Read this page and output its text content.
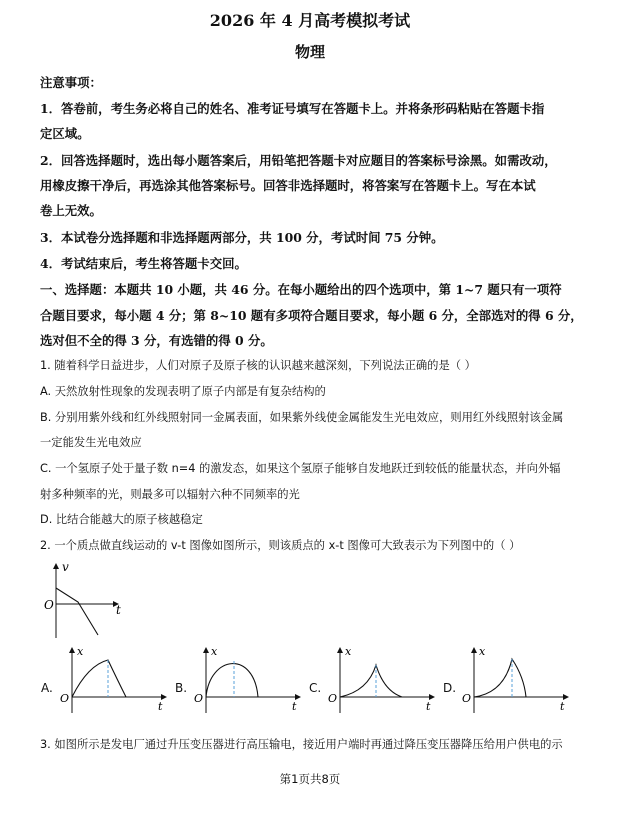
2026 年 4 月高考模拟考试
物理
注意事项：
1．答卷前，考生务必将自己的姓名、准考证号填写在答题卡上。并将条形码粘贴在答题卡指
定区域。
2．回答选择题时，选出每小题答案后，用铅笔把答题卡对应题目的答案标号涂黑。如需改动，
用橡皮擦干净后，再选涂其他答案标号。回答非选择题时，将答案写在答题卡上。写在本试
卷上无效。
3．本试卷分选择题和非选择题两部分，共 100 分，考试时间 75 分钟。
4．考试结束后，考生将答题卡交回。
一、选择题：本题共 10 小题，共 46 分。在每小题给出的四个选项中，第 1~7 题只有一项符
合题目要求，每小题 4 分；第 8~10 题有多项符合题目要求，每小题 6 分，全部选对的得 6 分，
选对但不全的得 3 分，有选错的得 0 分。
1. 随着科学日益进步，人们对原子及原子核的认识越来越深刻，下列说法正确的是（ ）
A. 天然放射性现象的发现表明了原子内部是有复杂结构的
B. 分别用紫外线和红外线照射同一金属表面，如果紫外线使金属能发生光电效应，则用红外线照射该金属
一定能发生光电效应
C. 一个氢原子处于量子数 n=4 的激发态，如果这个氢原子能够自发地跃迁到较低的能量状态，并向外辐
射多种频率的光，则最多可以辐射六种不同频率的光
D. 比结合能越大的原子核越稳定
2. 一个质点做直线运动的 v-t 图像如图所示，则该质点的 x-t 图像可大致表示为下列图中的（ ）
v
t
O
A.
x
t
O
B.
x
t
O
C.
x
t
O
D.
x
t
O
3. 如图所示是发电厂通过升压变压器进行高压输电，接近用户端时再通过降压变压器降压给用户供电的示
第1页共8页
